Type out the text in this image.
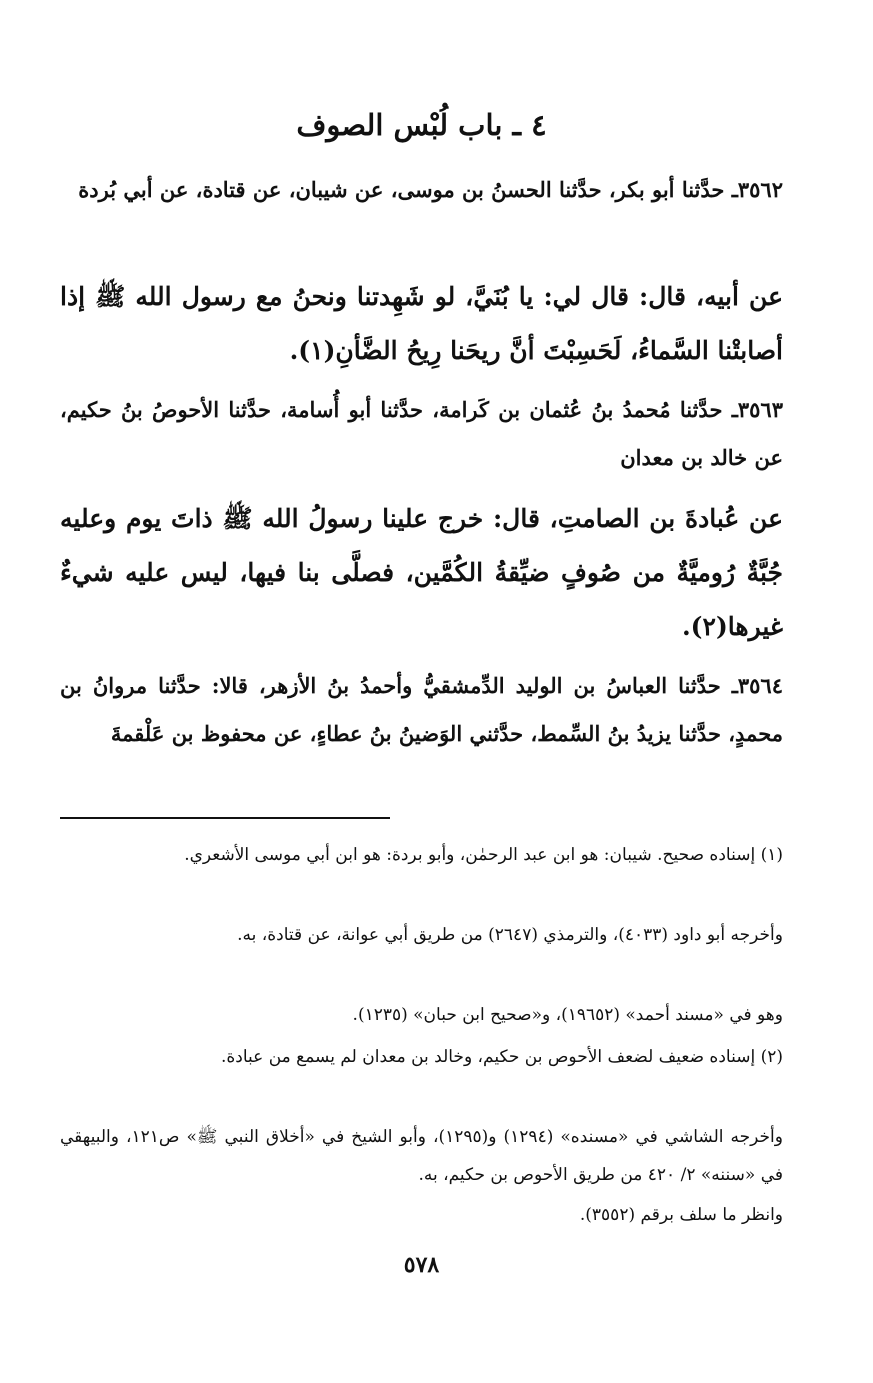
٤ ـ باب لُبْس الصوف

٣٥٦٢ـ حدَّثنا أبو بكر، حدَّثنا الحسنُ بن موسى، عن شيبان، عن قتادة، عن أبي بُردة

عن أبيه، قال: قال لي: يا بُنَيَّ، لو شَهِدتنا ونحنُ مع رسول الله ﷺ إذا أصابتْنا السَّماءُ، لَحَسِبْتَ أنَّ ريحَنا رِيحُ الضَّأنِ(١).

٣٥٦٣ـ حدَّثنا مُحمدُ بنُ عُثمان بن كَرامة، حدَّثنا أبو أُسامة، حدَّثنا الأحوصُ بنُ حكيم، عن خالد بن معدان

عن عُبادةَ بن الصامتِ، قال: خرج علينا رسولُ الله ﷺ ذاتَ يوم وعليه جُبَّةٌ رُوميَّةٌ من صُوفٍ ضيِّقةُ الكُمَّين، فصلَّى بنا فيها، ليس عليه شيءٌ غيرها(٢).

٣٥٦٤ـ حدَّثنا العباسُ بن الوليد الدِّمشقيُّ وأحمدُ بنُ الأزهر، قالا: حدَّثنا مروانُ بن محمدٍ، حدَّثنا يزيدُ بنُ السِّمط، حدَّثني الوَضينُ بنُ عطاءٍ، عن محفوظ بن عَلْقمةَ

(١) إسناده صحيح. شيبان: هو ابن عبد الرحمٰن، وأبو بردة: هو ابن أبي موسى الأشعري.

وأخرجه أبو داود (٤٠٣٣)، والترمذي (٢٦٤٧) من طريق أبي عوانة، عن قتادة، به.

وهو في «مسند أحمد» (١٩٦٥٢)، و«صحيح ابن حبان» (١٢٣٥).

(٢) إسناده ضعيف لضعف الأحوص بن حكيم، وخالد بن معدان لم يسمع من عبادة.

وأخرجه الشاشي في «مسنده» (١٢٩٤) و(١٢٩٥)، وأبو الشيخ في «أخلاق النبي ﷺ» ص١٢١، والبيهقي في «سننه» ٢/ ٤٢٠ من طريق الأحوص بن حكيم، به.

وانظر ما سلف برقم (٣٥٥٢).

٥٧٨
